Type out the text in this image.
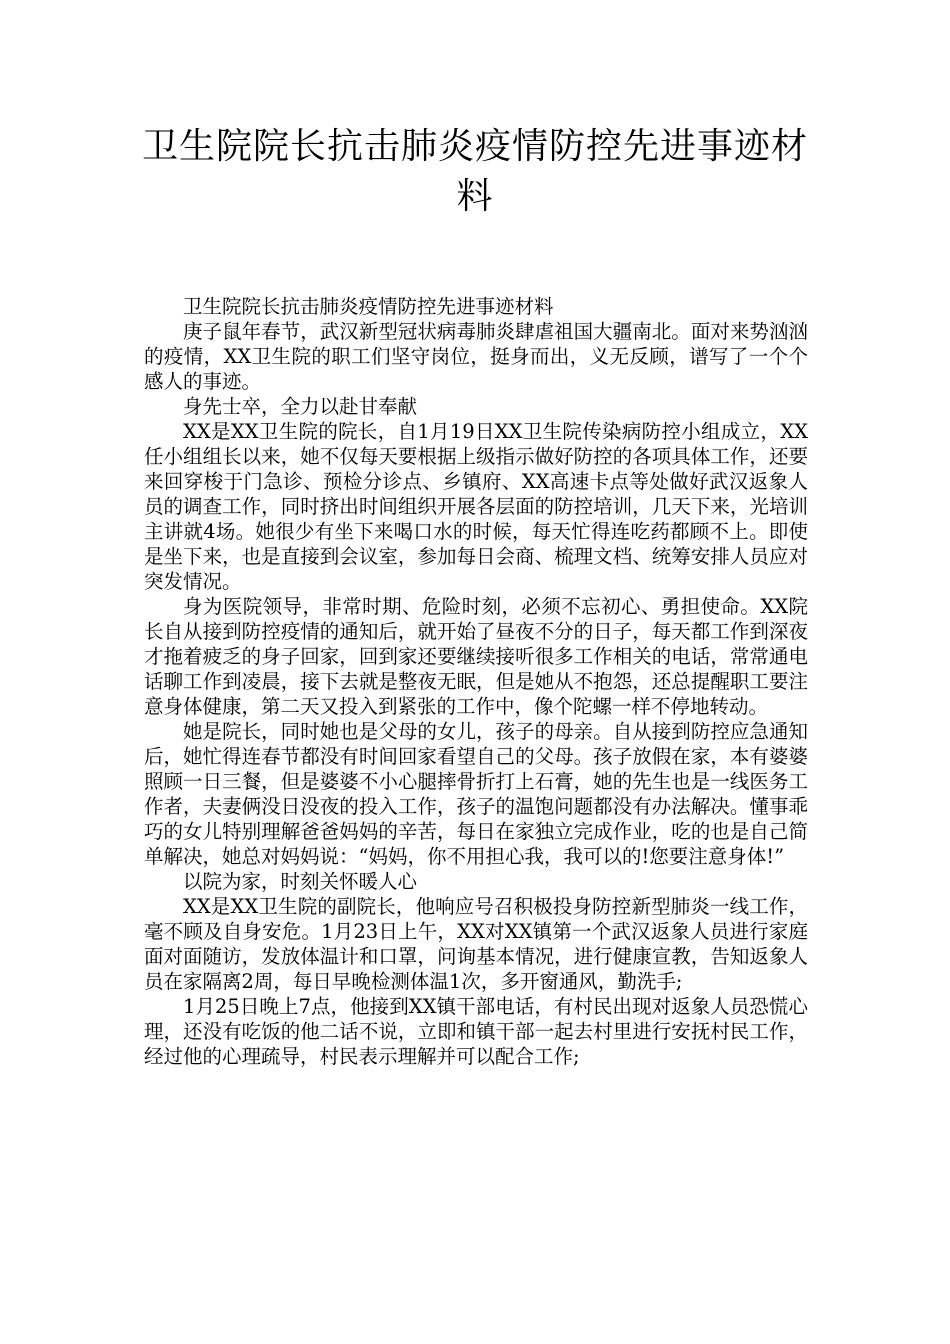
卫生院院长抗击肺炎疫情防控先进事迹材料

卫生院院长抗击肺炎疫情防控先进事迹材料

庚子鼠年春节，武汉新型冠状病毒肺炎肆虐祖国大疆南北。面对来势汹汹的疫情，XX卫生院的职工们坚守岗位，挺身而出，义无反顾，谱写了一个个感人的事迹。

身先士卒，全力以赴甘奉献

XX是XX卫生院的院长，自1月19日XX卫生院传染病防控小组成立，XX任小组组长以来，她不仅每天要根据上级指示做好防控的各项具体工作，还要来回穿梭于门急诊、预检分诊点、乡镇府、XX高速卡点等处做好武汉返象人员的调查工作，同时挤出时间组织开展各层面的防控培训，几天下来，光培训主讲就4场。她很少有坐下来喝口水的时候，每天忙得连吃药都顾不上。即使是坐下来，也是直接到会议室，参加每日会商、梳理文档、统筹安排人员应对突发情况。

身为医院领导，非常时期、危险时刻，必须不忘初心、勇担使命。XX院长自从接到防控疫情的通知后，就开始了昼夜不分的日子，每天都工作到深夜才拖着疲乏的身子回家，回到家还要继续接听很多工作相关的电话，常常通电话聊工作到凌晨，接下去就是整夜无眠，但是她从不抱怨，还总提醒职工要注意身体健康，第二天又投入到紧张的工作中，像个陀螺一样不停地转动。

她是院长，同时她也是父母的女儿，孩子的母亲。自从接到防控应急通知后，她忙得连春节都没有时间回家看望自己的父母。孩子放假在家，本有婆婆照顾一日三餐，但是婆婆不小心腿摔骨折打上石膏，她的先生也是一线医务工作者，夫妻俩没日没夜的投入工作，孩子的温饱问题都没有办法解决。懂事乖巧的女儿特别理解爸爸妈妈的辛苦，每日在家独立完成作业，吃的也是自己简单解决，她总对妈妈说：“妈妈，你不用担心我，我可以的!您要注意身体!”

以院为家，时刻关怀暖人心

XX是XX卫生院的副院长，他响应号召积极投身防控新型肺炎一线工作，毫不顾及自身安危。1月23日上午，XX对XX镇第一个武汉返象人员进行家庭面对面随访，发放体温计和口罩，问询基本情况，进行健康宣教，告知返象人员在家隔离2周，每日早晚检测体温1次，多开窗通风，勤洗手;

1月25日晚上7点，他接到XX镇干部电话，有村民出现对返象人员恐慌心理，还没有吃饭的他二话不说，立即和镇干部一起去村里进行安抚村民工作，经过他的心理疏导，村民表示理解并可以配合工作;
